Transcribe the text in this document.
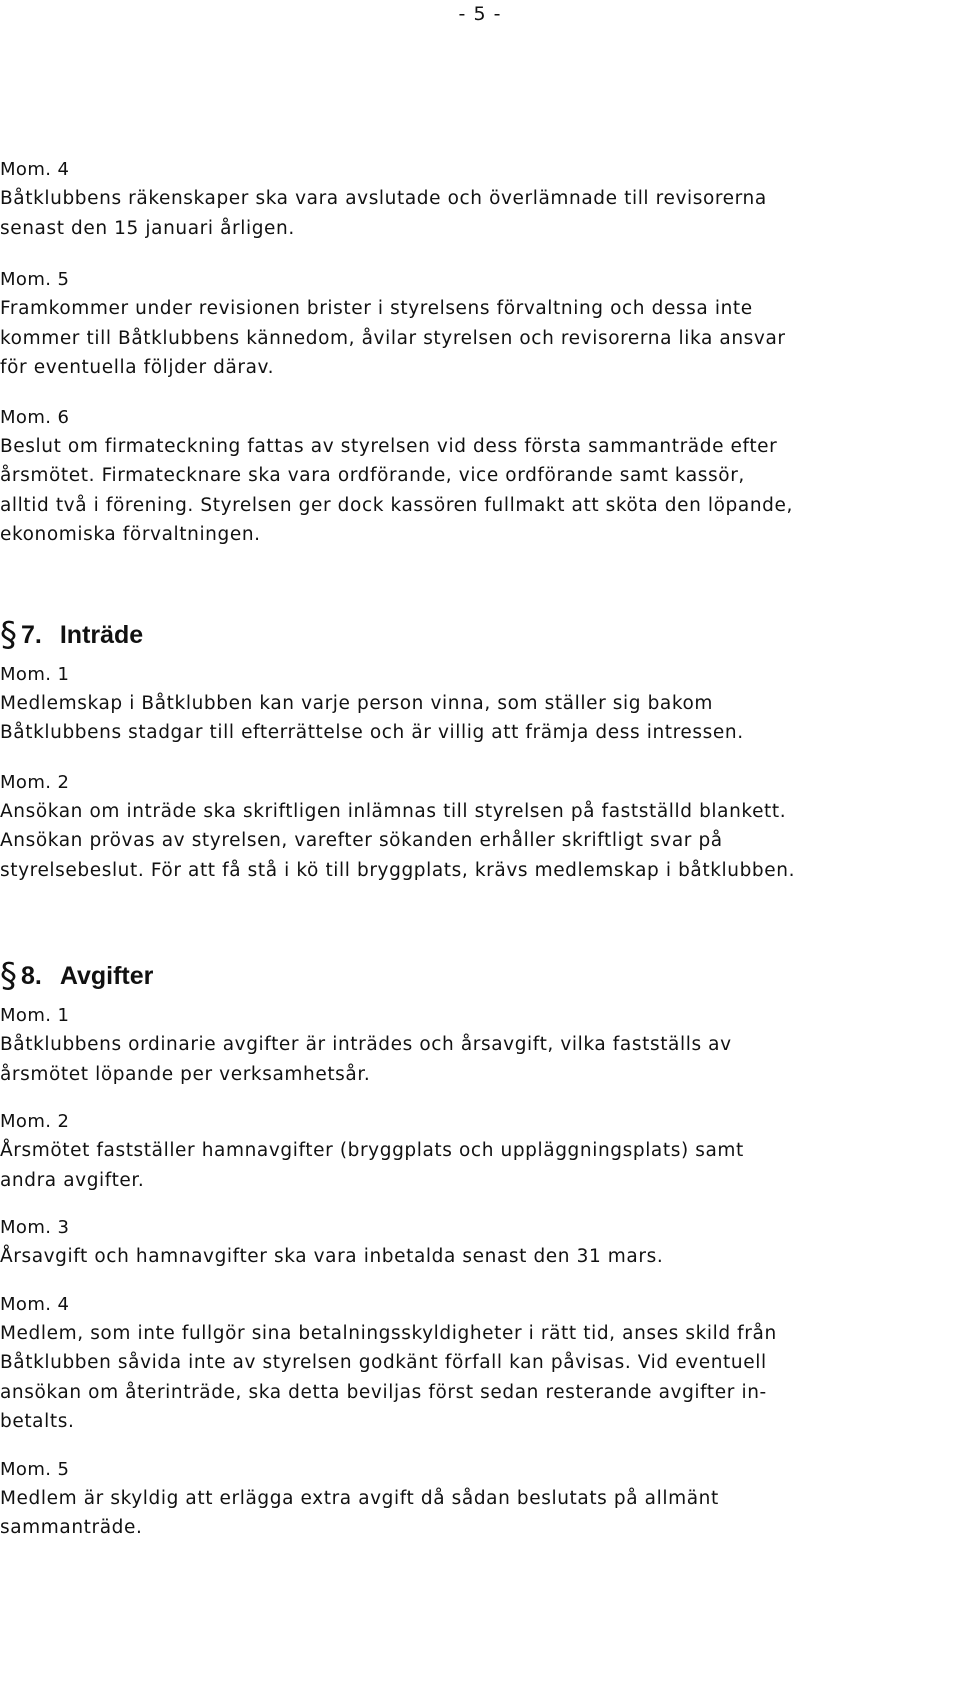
- 5 -

Mom. 4

Båtklubbens räkenskaper ska vara avslutade och överlämnade till revisorerna
senast den 15 januari årligen.

Mom. 5

Framkommer under revisionen brister i styrelsens förvaltning och dessa inte
kommer till Båtklubbens kännedom, åvilar styrelsen och revisorerna lika ansvar
för eventuella följder därav.

Mom. 6

Beslut om firmateckning fattas av styrelsen vid dess första sammanträde efter
årsmötet. Firmatecknare ska vara ordförande, vice ordförande samt kassör,
alltid två i förening. Styrelsen ger dock kassören fullmakt att sköta den löpande,
ekonomiska förvaltningen.

§ 7. Inträde

Mom. 1

Medlemskap i Båtklubben kan varje person vinna, som ställer sig bakom
Båtklubbens stadgar till efterrättelse och är villig att främja dess intressen.

Mom. 2

Ansökan om inträde ska skriftligen inlämnas till styrelsen på fastställd blankett.
Ansökan prövas av styrelsen, varefter sökanden erhåller skriftligt svar på
styrelsebeslut. För att få stå i kö till bryggplats, krävs medlemskap i båtklubben.

§ 8. Avgifter

Mom. 1

Båtklubbens ordinarie avgifter är inträdes och årsavgift, vilka fastställs av
årsmötet löpande per verksamhetsår.

Mom. 2

Årsmötet fastställer hamnavgifter (bryggplats och uppläggningsplats) samt
andra avgifter.

Mom. 3

Årsavgift och hamnavgifter ska vara inbetalda senast den 31 mars.

Mom. 4

Medlem, som inte fullgör sina betalningsskyldigheter i rätt tid, anses skild från
Båtklubben såvida inte av styrelsen godkänt förfall kan påvisas. Vid eventuell
ansökan om återinträde, ska detta beviljas först sedan resterande avgifter in-
betalts.

Mom. 5

Medlem är skyldig att erlägga extra avgift då sådan beslutats på allmänt
sammanträde.
